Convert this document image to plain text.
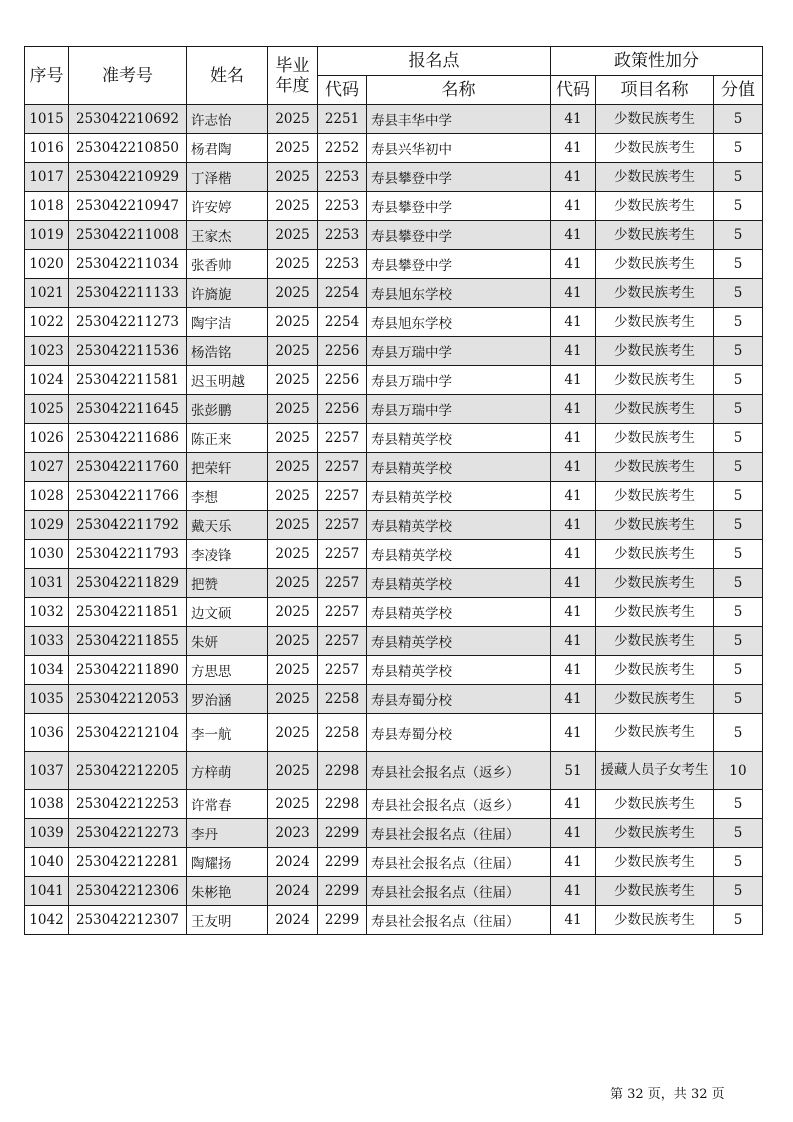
序号	准考号	姓名	毕业年度	报名点		政策性加分		
				代码	名称	代码	项目名称	分值
1015	253042210692	许志怡	2025	2251	寿县丰华中学	41	少数民族考生	5
1016	253042210850	杨君陶	2025	2252	寿县兴华初中	41	少数民族考生	5
1017	253042210929	丁泽楷	2025	2253	寿县攀登中学	41	少数民族考生	5
1018	253042210947	许安婷	2025	2253	寿县攀登中学	41	少数民族考生	5
1019	253042211008	王家杰	2025	2253	寿县攀登中学	41	少数民族考生	5
1020	253042211034	张香帅	2025	2253	寿县攀登中学	41	少数民族考生	5
1021	253042211133	许旖旎	2025	2254	寿县旭东学校	41	少数民族考生	5
1022	253042211273	陶宇洁	2025	2254	寿县旭东学校	41	少数民族考生	5
1023	253042211536	杨浩铭	2025	2256	寿县万瑞中学	41	少数民族考生	5
1024	253042211581	迟玉明越	2025	2256	寿县万瑞中学	41	少数民族考生	5
1025	253042211645	张彭鹏	2025	2256	寿县万瑞中学	41	少数民族考生	5
1026	253042211686	陈正来	2025	2257	寿县精英学校	41	少数民族考生	5
1027	253042211760	把荣轩	2025	2257	寿县精英学校	41	少数民族考生	5
1028	253042211766	李想	2025	2257	寿县精英学校	41	少数民族考生	5
1029	253042211792	戴天乐	2025	2257	寿县精英学校	41	少数民族考生	5
1030	253042211793	李凌锋	2025	2257	寿县精英学校	41	少数民族考生	5
1031	253042211829	把赞	2025	2257	寿县精英学校	41	少数民族考生	5
1032	253042211851	边文硕	2025	2257	寿县精英学校	41	少数民族考生	5
1033	253042211855	朱妍	2025	2257	寿县精英学校	41	少数民族考生	5
1034	253042211890	方思思	2025	2257	寿县精英学校	41	少数民族考生	5
1035	253042212053	罗治涵	2025	2258	寿县寿蜀分校	41	少数民族考生	5
1036	253042212104	李一航	2025	2258	寿县寿蜀分校	41	少数民族考生	5
1037	253042212205	方梓萌	2025	2298	寿县社会报名点（返乡）	51	援藏人员子女考生	10
1038	253042212253	许常春	2025	2298	寿县社会报名点（返乡）	41	少数民族考生	5
1039	253042212273	李丹	2023	2299	寿县社会报名点（往届）	41	少数民族考生	5
1040	253042212281	陶耀扬	2024	2299	寿县社会报名点（往届）	41	少数民族考生	5
1041	253042212306	朱彬艳	2024	2299	寿县社会报名点（往届）	41	少数民族考生	5
1042	253042212307	王友明	2024	2299	寿县社会报名点（往届）	41	少数民族考生	5
第 32 页，共 32 页
